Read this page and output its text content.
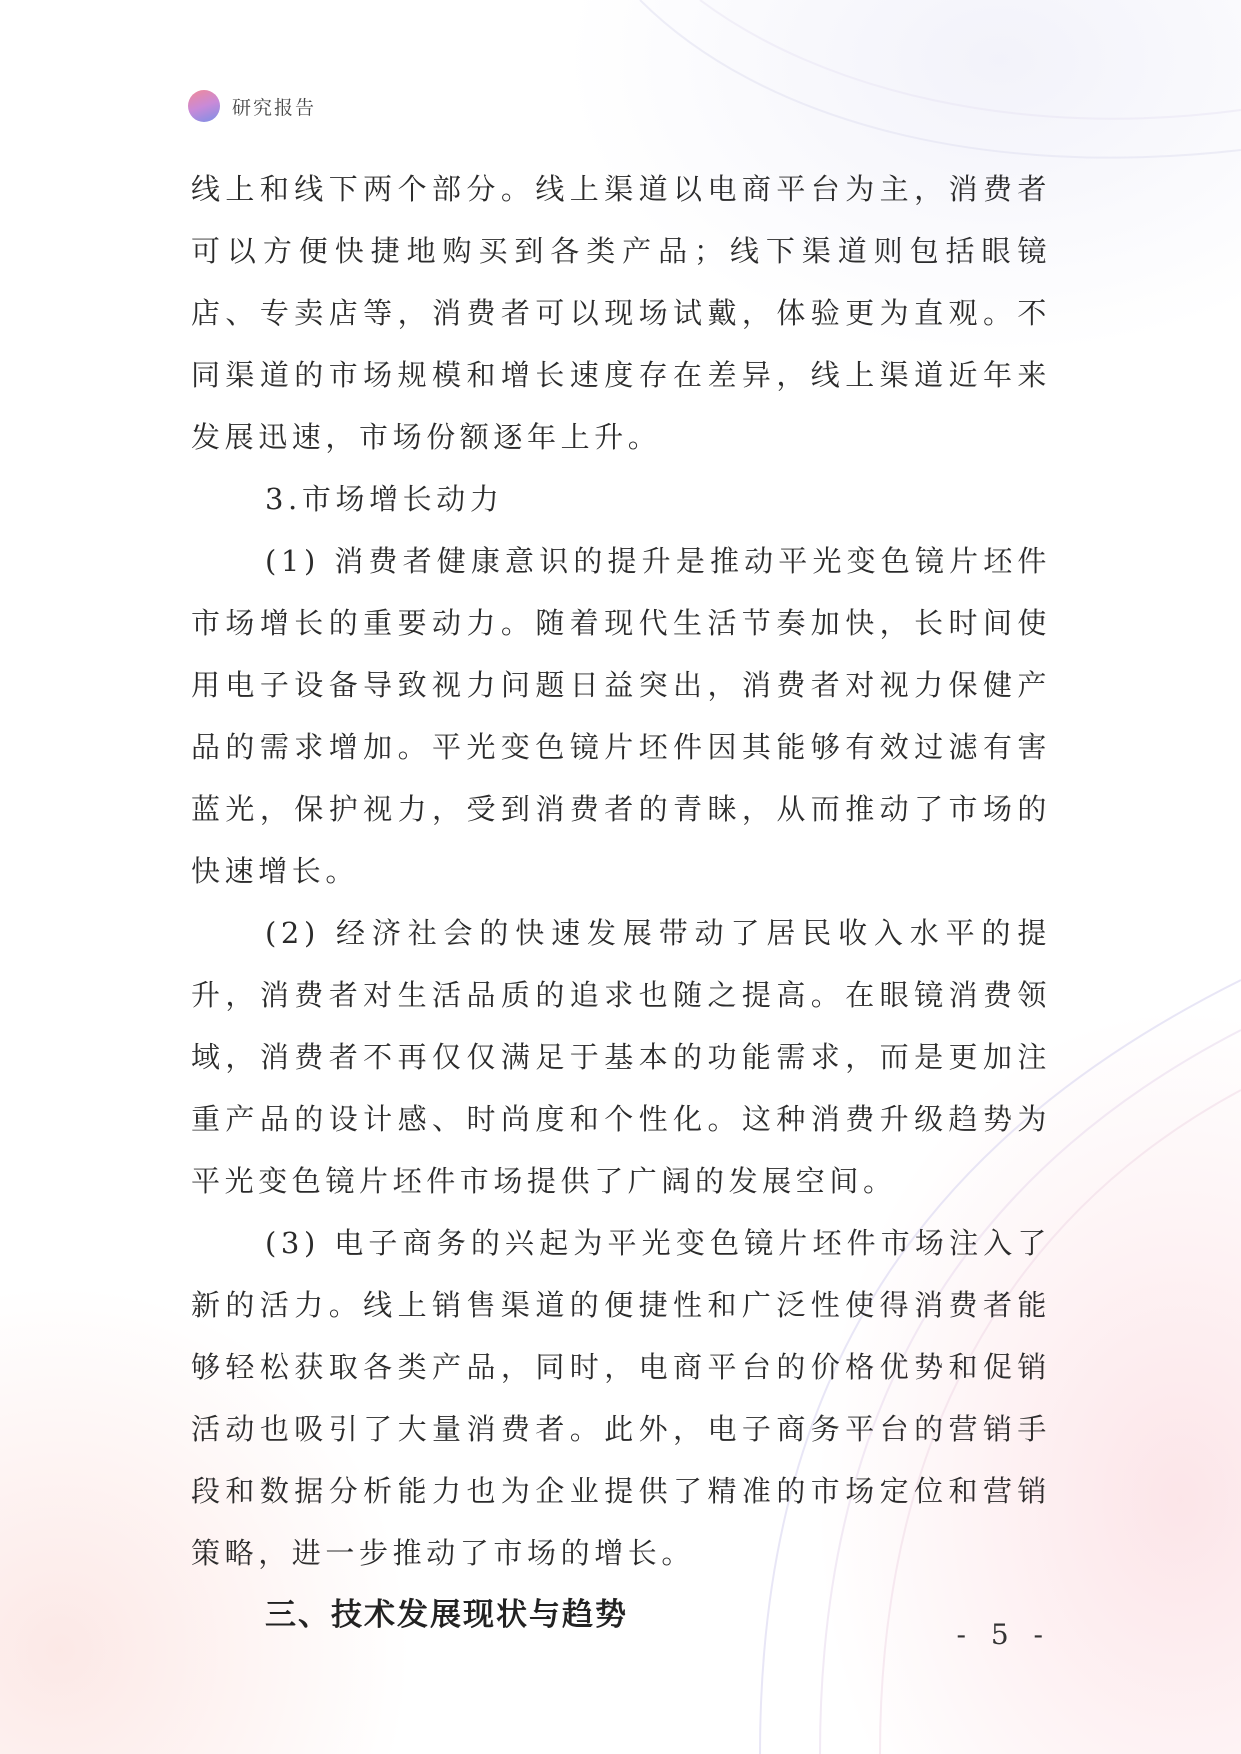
研究报告

线上和线下两个部分。线上渠道以电商平台为主，消费者可以方便快捷地购买到各类产品；线下渠道则包括眼镜店、专卖店等，消费者可以现场试戴，体验更为直观。不同渠道的市场规模和增长速度存在差异，线上渠道近年来发展迅速，市场份额逐年上升。

3.市场增长动力

(1) 消费者健康意识的提升是推动平光变色镜片坯件市场增长的重要动力。随着现代生活节奏加快，长时间使用电子设备导致视力问题日益突出，消费者对视力保健产品的需求增加。平光变色镜片坯件因其能够有效过滤有害蓝光，保护视力，受到消费者的青睐，从而推动了市场的快速增长。

(2) 经济社会的快速发展带动了居民收入水平的提升，消费者对生活品质的追求也随之提高。在眼镜消费领域，消费者不再仅仅满足于基本的功能需求，而是更加注重产品的设计感、时尚度和个性化。这种消费升级趋势为平光变色镜片坯件市场提供了广阔的发展空间。

(3) 电子商务的兴起为平光变色镜片坯件市场注入了新的活力。线上销售渠道的便捷性和广泛性使得消费者能够轻松获取各类产品，同时，电商平台的价格优势和促销活动也吸引了大量消费者。此外，电子商务平台的营销手段和数据分析能力也为企业提供了精准的市场定位和营销策略，进一步推动了市场的增长。

三、技术发展现状与趋势

- 5 -
